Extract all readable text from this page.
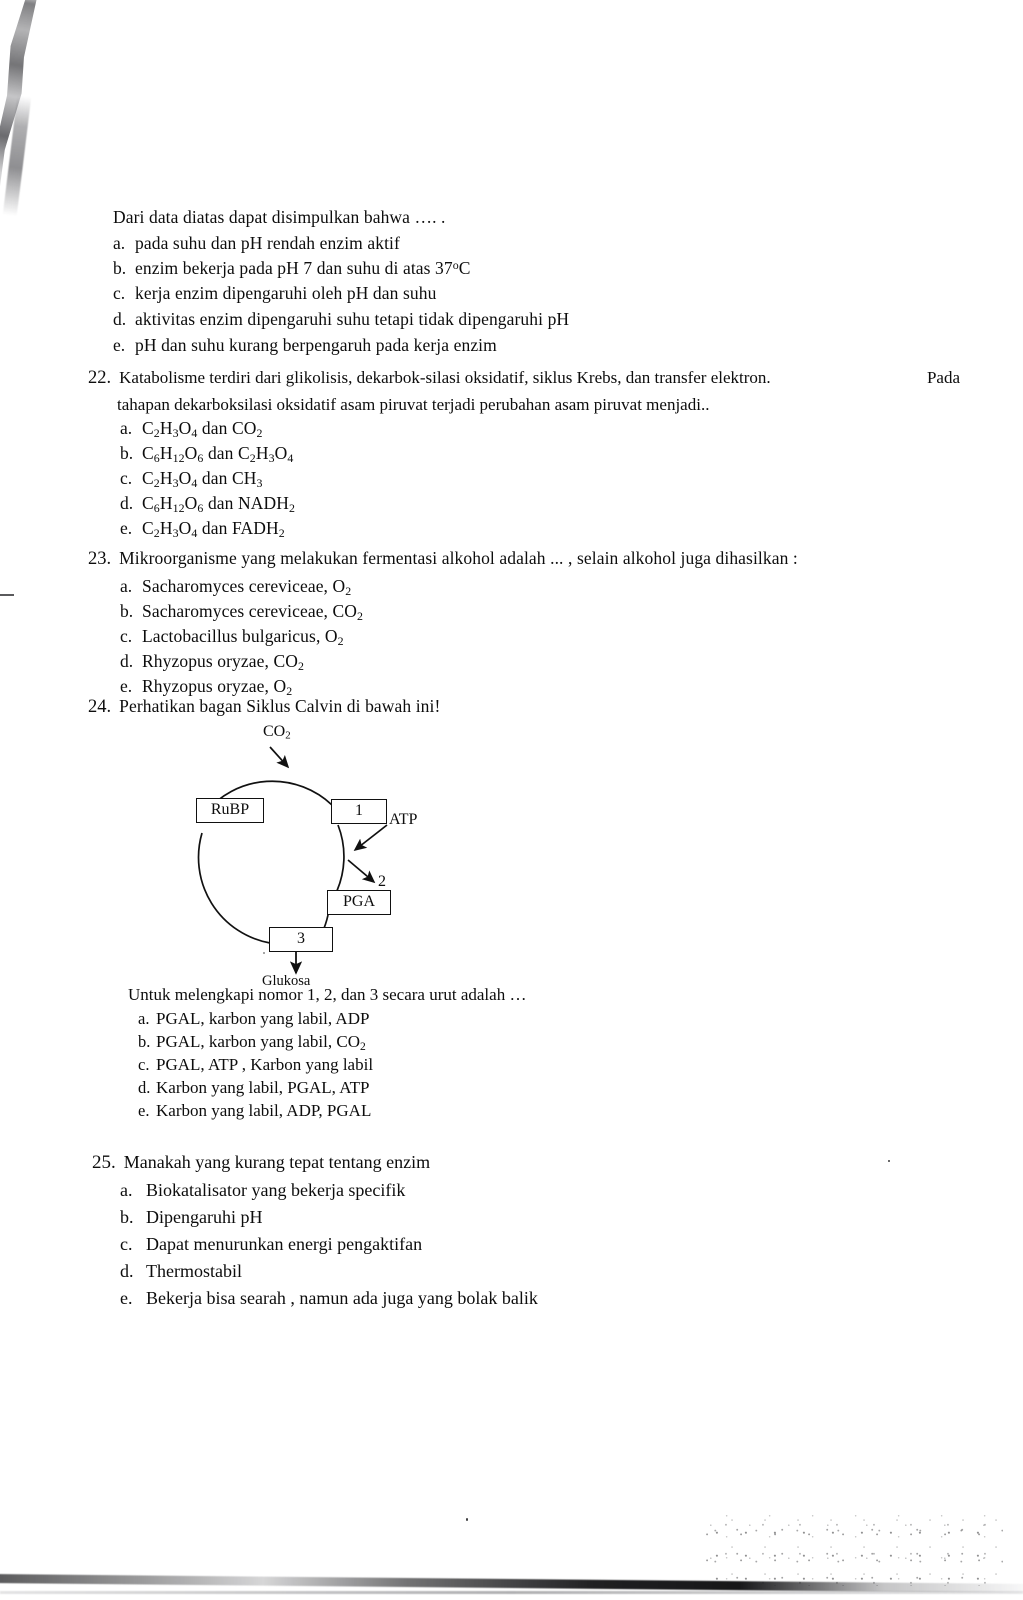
Dari data diatas dapat disimpulkan bahwa …. .
a. pada suhu dan pH rendah enzim aktif
b. enzim bekerja pada pH 7 dan suhu di atas 37$^o$C
c. kerja enzim dipengaruhi oleh pH dan suhu
d. aktivitas enzim dipengaruhi suhu tetapi tidak dipengaruhi pH
e. pH dan suhu kurang berpengaruh pada kerja enzim
22. Katabolisme terdiri dari glikolisis, dekarbok-silasi oksidatif, siklus Krebs, dan transfer elektron.	Pada
tahapan dekarboksilasi oksidatif asam piruvat terjadi perubahan asam piruvat menjadi..
a. $C_2H_3O_4$ dan $CO_2$
b. $C_6H_{12}O_6$ dan $C_2H_3O_4$
c. $C_2H_3O_4$ dan $CH_3$
d. $C_6H_{12}O_6$ dan $NADH_2$
e. $C_2H_3O_4$ dan $FADH_2$
23. Mikroorganisme yang melakukan fermentasi alkohol adalah ... , selain alkohol juga dihasilkan :
a. Sacharomyces cereviceae, $O_2$
b. Sacharomyces cereviceae, $CO_2$
c. Lactobacillus bulgaricus, $O_2$
d. Rhyzopus oryzae, $CO_2$
e. Rhyzopus oryzae, $O_2$
24. Perhatikan bagan Siklus Calvin di bawah ini!
RuBP	1
PGA
3
$CO_2$
ATP
2
Glukosa
Untuk melengkapi nomor 1, 2, dan 3 secara urut adalah …
a. PGAL, karbon yang labil, ADP
b. PGAL, karbon yang labil, $CO_2$
c. PGAL, ATP , Karbon yang labil
d. Karbon yang labil, PGAL, ATP
e. Karbon yang labil, ADP, PGAL
25. Manakah yang kurang tepat tentang enzim
a. Biokatalisator yang bekerja specifik
b. Dipengaruhi pH
c. Dapat menurunkan energi pengaktifan
d. Thermostabil
e. Bekerja bisa searah , namun ada juga yang bolak balik
